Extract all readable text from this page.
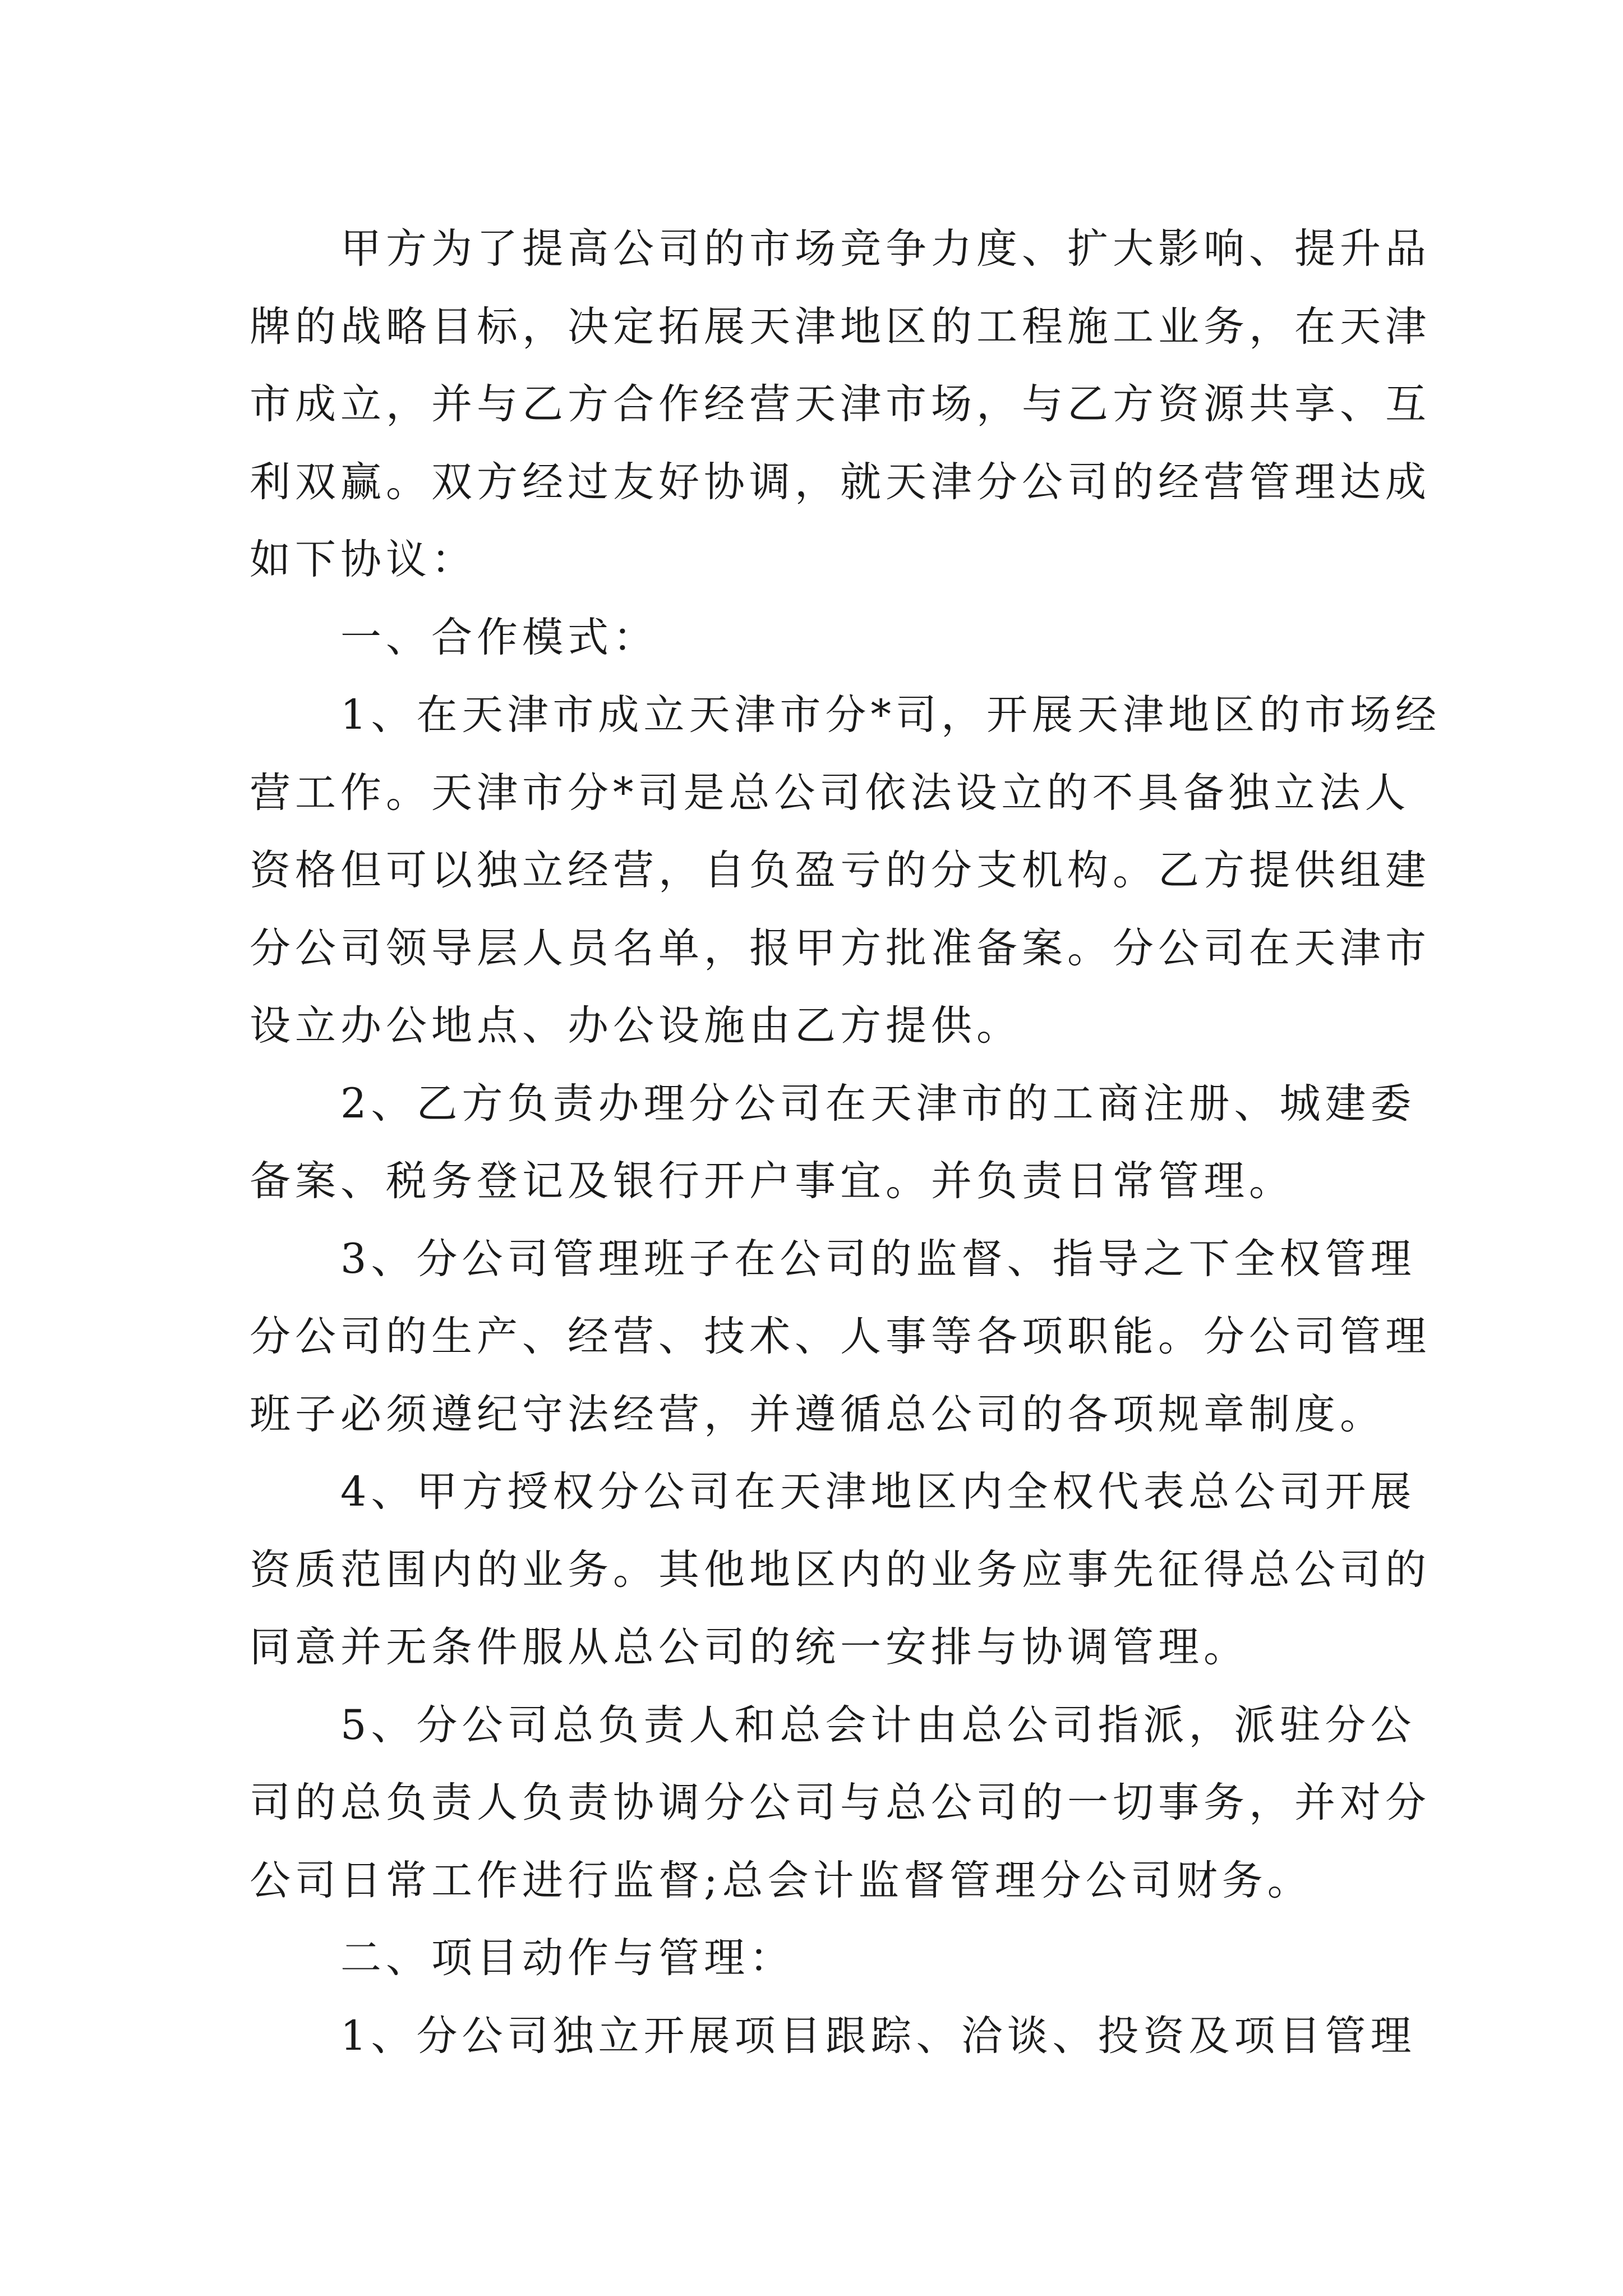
甲方为了提高公司的市场竞争力度、扩大影响、提升品
牌的战略目标，决定拓展天津地区的工程施工业务，在天津
市成立，并与乙方合作经营天津市场，与乙方资源共享、互
利双赢。双方经过友好协调，就天津分公司的经营管理达成
如下协议：

一、合作模式：

1、在天津市成立天津市分*司，开展天津地区的市场经
营工作。天津市分*司是总公司依法设立的不具备独立法人
资格但可以独立经营，自负盈亏的分支机构。乙方提供组建
分公司领导层人员名单，报甲方批准备案。分公司在天津市
设立办公地点、办公设施由乙方提供。

2、乙方负责办理分公司在天津市的工商注册、城建委
备案、税务登记及银行开户事宜。并负责日常管理。

3、分公司管理班子在公司的监督、指导之下全权管理
分公司的生产、经营、技术、人事等各项职能。分公司管理
班子必须遵纪守法经营，并遵循总公司的各项规章制度。

4、甲方授权分公司在天津地区内全权代表总公司开展
资质范围内的业务。其他地区内的业务应事先征得总公司的
同意并无条件服从总公司的统一安排与协调管理。

5、分公司总负责人和总会计由总公司指派，派驻分公
司的总负责人负责协调分公司与总公司的一切事务，并对分
公司日常工作进行监督;总会计监督管理分公司财务。

二、项目动作与管理：

1、分公司独立开展项目跟踪、洽谈、投资及项目管理
